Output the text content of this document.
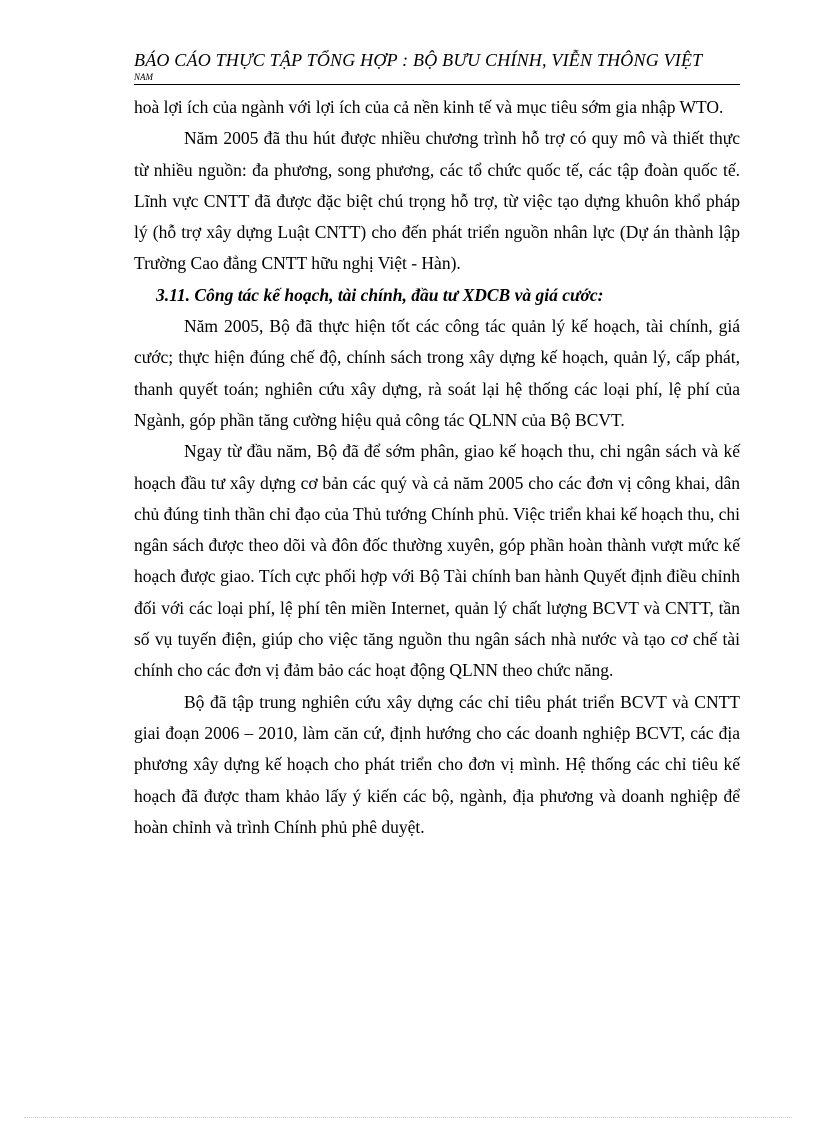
BÁO CÁO THỰC TẬP TỔNG HỢP : BỘ BƯU CHÍNH, VIỄN THÔNG VIỆT
NAM

hoà lợi ích của ngành với lợi ích của cả nền kinh tế và mục tiêu sớm gia nhập WTO.

Năm 2005 đã thu hút được nhiều chương trình hỗ trợ có quy mô và thiết thực từ nhiều nguồn: đa phương, song phương, các tổ chức quốc tế, các tập đoàn quốc tế. Lĩnh vực CNTT đã được đặc biệt chú trọng hỗ trợ, từ việc tạo dựng khuôn khổ pháp lý (hỗ trợ xây dựng Luật CNTT) cho đến phát triển nguồn nhân lực (Dự án thành lập Trường Cao đẳng CNTT hữu nghị Việt - Hàn).

3.11. Công tác kế hoạch, tài chính, đầu tư XDCB và giá cước:

Năm 2005, Bộ đã thực hiện tốt các công tác quản lý kế hoạch, tài chính, giá cước; thực hiện đúng chế độ, chính sách trong xây dựng kế hoạch, quản lý, cấp phát, thanh quyết toán; nghiên cứu xây dựng, rà soát lại hệ thống các loại phí, lệ phí của Ngành, góp phần tăng cường hiệu quả công tác QLNN của Bộ BCVT.

Ngay từ đầu năm, Bộ đã để sớm phân, giao kế hoạch thu, chi ngân sách và kế hoạch đầu tư xây dựng cơ bản các quý và cả năm 2005 cho các đơn vị công khai, dân chủ đúng tinh thần chỉ đạo của Thủ tướng Chính phủ. Việc triển khai kế hoạch thu, chi ngân sách được theo dõi và đôn đốc thường xuyên, góp phần hoàn thành vượt mức kế hoạch được giao. Tích cực phối hợp với Bộ Tài chính ban hành Quyết định điều chỉnh đối với các loại phí, lệ phí tên miền Internet, quản lý chất lượng BCVT và CNTT, tần số vụ tuyến điện, giúp cho việc tăng nguồn thu ngân sách nhà nước và tạo cơ chế tài chính cho các đơn vị đảm bảo các hoạt động QLNN theo chức năng.

Bộ đã tập trung nghiên cứu xây dựng các chỉ tiêu phát triển BCVT và CNTT giai đoạn 2006 – 2010, làm căn cứ, định hướng cho các doanh nghiệp BCVT, các địa phương xây dựng kế hoạch cho phát triển cho đơn vị mình. Hệ thống các chỉ tiêu kế hoạch đã được tham khảo lấy ý kiến các bộ, ngành, địa phương và doanh nghiệp để hoàn chỉnh và trình Chính phủ phê duyệt.
